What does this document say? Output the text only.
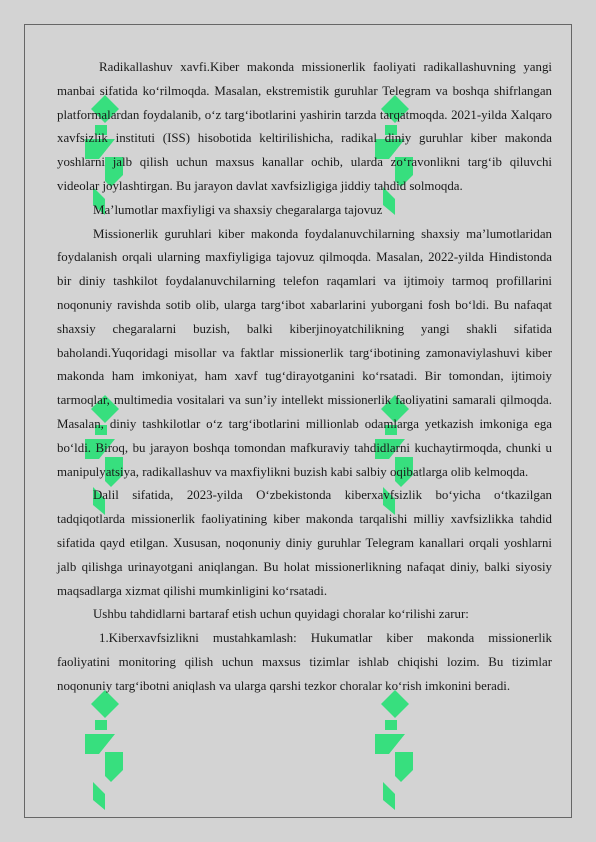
Radikallashuv xavfi.Kiber makonda missionerlik faoliyati radikallashuvning yangi manbai sifatida ko‘rilmoqda. Masalan, ekstremistik guruhlar Telegram va boshqa shifrlangan platformalardan foydalanib, o‘z targ‘ibotlarini yashirin tarzda tarqatmoqda. 2021-yilda Xalqaro xavfsizlik instituti (ISS) hisobotida keltirilishicha, radikal diniy guruhlar kiber makonda yoshlarni jalb qilish uchun maxsus kanallar ochib, ularda zo‘ravonlikni targ‘ib qiluvchi videolar joylashtirgan. Bu jarayon davlat xavfsizligiga jiddiy tahdid solmoqda.

Ma’lumotlar maxfiyligi va shaxsiy chegaralarga tajovuz

Missionerlik guruhlari kiber makonda foydalanuvchilarning shaxsiy ma’lumotlaridan foydalanish orqali ularning maxfiyligiga tajovuz qilmoqda. Masalan, 2022-yilda Hindistonda bir diniy tashkilot foydalanuvchilarning telefon raqamlari va ijtimoiy tarmoq profillarini noqonuniy ravishda sotib olib, ularga targ‘ibot xabarlarini yuborgani fosh bo‘ldi. Bu nafaqat shaxsiy chegaralarni buzish, balki kiberjinoyatchilikning yangi shakli sifatida baholandi.Yuqoridagi misollar va faktlar missionerlik targ‘ibotining zamonaviylashuvi kiber makonda ham imkoniyat, ham xavf tug‘dirayotganini ko‘rsatadi. Bir tomondan, ijtimoiy tarmoqlar, multimedia vositalari va sun’iy intellekt missionerlik faoliyatini samarali qilmoqda. Masalan, diniy tashkilotlar o‘z targ‘ibotlarini millionlab odamlarga yetkazish imkoniga ega bo‘ldi. Biroq, bu jarayon boshqa tomondan mafkuraviy tahdidlarni kuchaytirmoqda, chunki u manipulyatsiya, radikallashuv va maxfiylikni buzish kabi salbiy oqibatlarga olib kelmoqda.

Dalil sifatida, 2023-yilda O‘zbekistonda kiberxavfsizlik bo‘yicha o‘tkazilgan tadqiqotlarda missionerlik faoliyatining kiber makonda tarqalishi milliy xavfsizlikka tahdid sifatida qayd etilgan. Xususan, noqonuniy diniy guruhlar Telegram kanallari orqali yoshlarni jalb qilishga urinayotgani aniqlangan. Bu holat missionerlikning nafaqat diniy, balki siyosiy maqsadlarga xizmat qilishi mumkinligini ko‘rsatadi.

Ushbu tahdidlarni bartaraf etish uchun quyidagi choralar ko‘rilishi zarur:

1.Kiberxavfsizlikni mustahkamlash: Hukumatlar kiber makonda missionerlik faoliyatini monitoring qilish uchun maxsus tizimlar ishlab chiqishi lozim. Bu tizimlar noqonuniy targ‘ibotni aniqlash va ularga qarshi tezkor choralar ko‘rish imkonini beradi.
